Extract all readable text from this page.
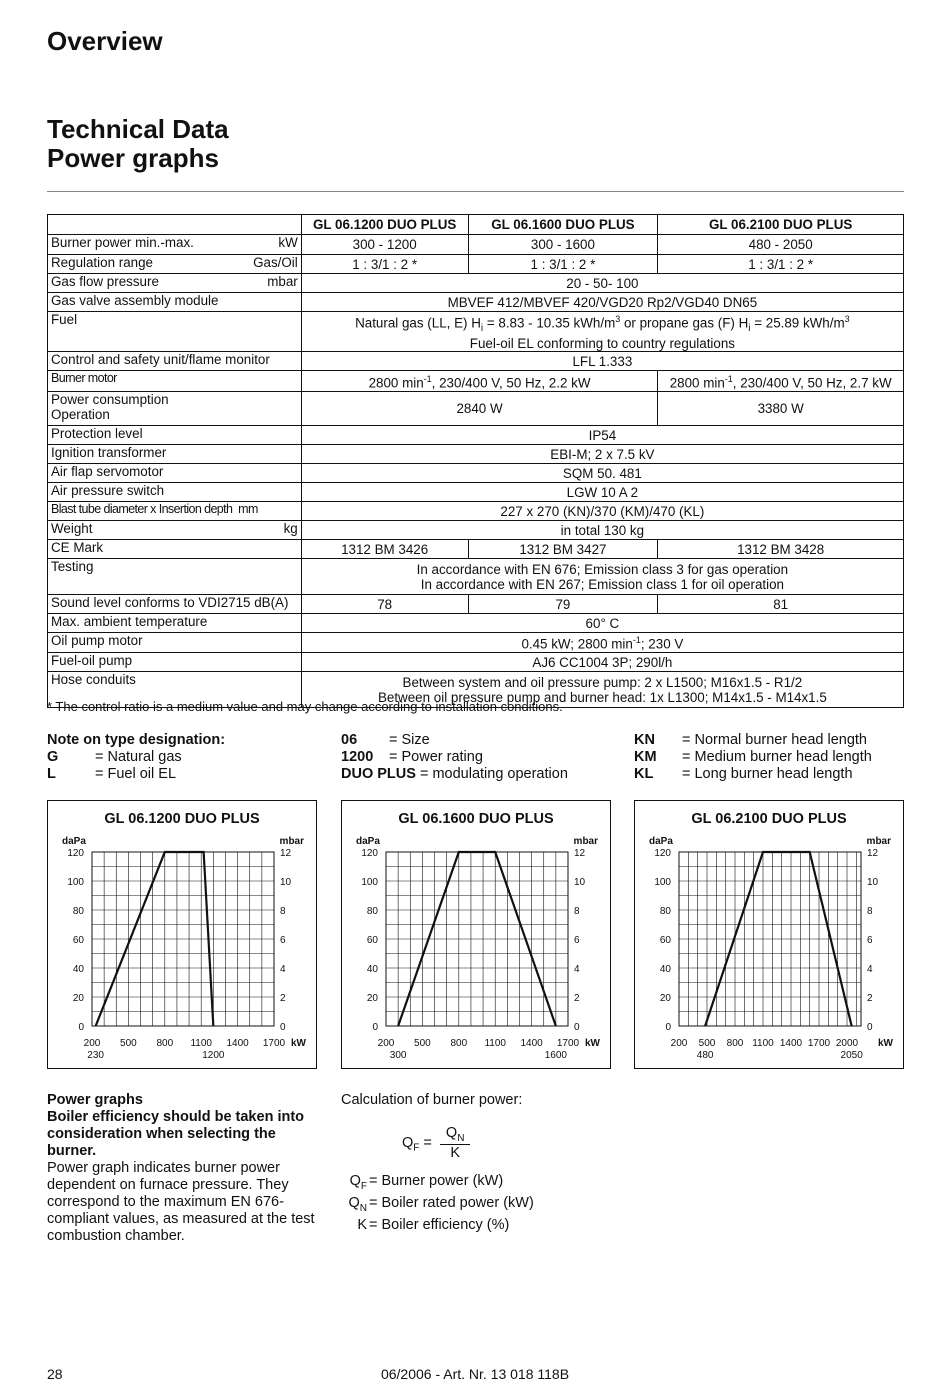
Overview
Technical Data
Power graphs
	GL 06.1200 DUO PLUS	GL 06.1600 DUO PLUS	GL 06.2100 DUO PLUS

Burner power min.-max. kW	300 - 1200	300 - 1600	480 - 2050

Regulation range Gas/Oil	1 : 3/1 : 2 *	1 : 3/1 : 2 *	1 : 3/1 : 2 *

Gas flow pressure mbar	20 - 50- 100		
Gas valve assembly module	MBVEF 412/MBVEF 420/VGD20 Rp2/VGD40 DN65		
Fuel	Natural gas (LL, E) $H_i = 8.83 - 10.35$ kWh/$m^3$ or propane gas (F) $H_i = 25.89$ kWh/$m^3$
Fuel-oil EL conforming to country regulations		

Control and safety unit/flame monitor	LFL 1.333		
Burner motor	2800 $\min^{-1}$, 230/400 V, 50 Hz, 2.2 kW		2800 $\min^{-1}$, 230/400 V, 50 Hz, 2.7 kW

Power consumption
Operation	2840 W		3380 W
Protection level	IP54		
Ignition transformer	EBI-M; 2 x 7.5 kV		
Air flap servomotor	SQM 50. 481		
Air pressure switch	LGW 10 A 2		
Blast tube diameter x Insertion depth mm	227 x 270 (KN)/370 (KM)/470 (KL)		

Weight kg	in total 130 kg		
CE Mark	1312 BM 3426	1312 BM 3427	1312 BM 3428
Testing	In accordance with EN 676; Emission class 3 for gas operation
In accordance with EN 267; Emission class 1 for oil operation		

Sound level conforms to VDI2715 dB(A)	78	79	81
Max. ambient temperature	60° C		
Oil pump motor	0.45 kW; 2800 $\min^{-1}$; 230 V		
Fuel-oil pump	AJ6 CC1004 3P; 290l/h		
Hose conduits	Between system and oil pressure pump: 2 x L1500; M16x1.5 - R1/2
Between oil pressure pump and burner head: 1x L1300; M14x1.5 - M14x1.5		
* The control ratio is a medium value and may change according to installation conditions.
Note on type designation:
G	= Natural gas
L	= Fuel oil EL
06	= Size
1200	= Power rating
DUO PLUS
= modulating operation
KN	= Normal burner head length
KM	= Medium burner head length
KL	= Long burner head length
GL 06.1200 DUO PLUS
daPa	mbar
kW
0
20
40
60
80
100
120
0
2
4
6
8
10
12
200 500 800 1100 1400 1700
230	1200
GL 06.1600 DUO PLUS
daPa	mbar
kW
0
20
40
60
80
100
120
0
2
4
6
8
10
12
200 500 800 1100 1400 1700
300	1600
GL 06.2100 DUO PLUS
daPa	mbar
kW
0
20
40
60
80
100
120
0
2
4
6
8
10
12
200 500 800 1100 1400 1700 2000
480	2050
Power graphs
Boiler efficiency should be taken into consideration when selecting the burner.
Power graph indicates burner power dependent on furnace pressure. They correspond to the maximum EN 676-compliant values, as measured at the test combustion chamber.
Calculation of burner power:
$Q_F = \frac{Q_N}{K}$
$Q_F$ = Burner power (kW)
$Q_N$ = Boiler rated power (kW)
K = Boiler efficiency (%)
28	06/2006 - Art. Nr. 13 018 118B
